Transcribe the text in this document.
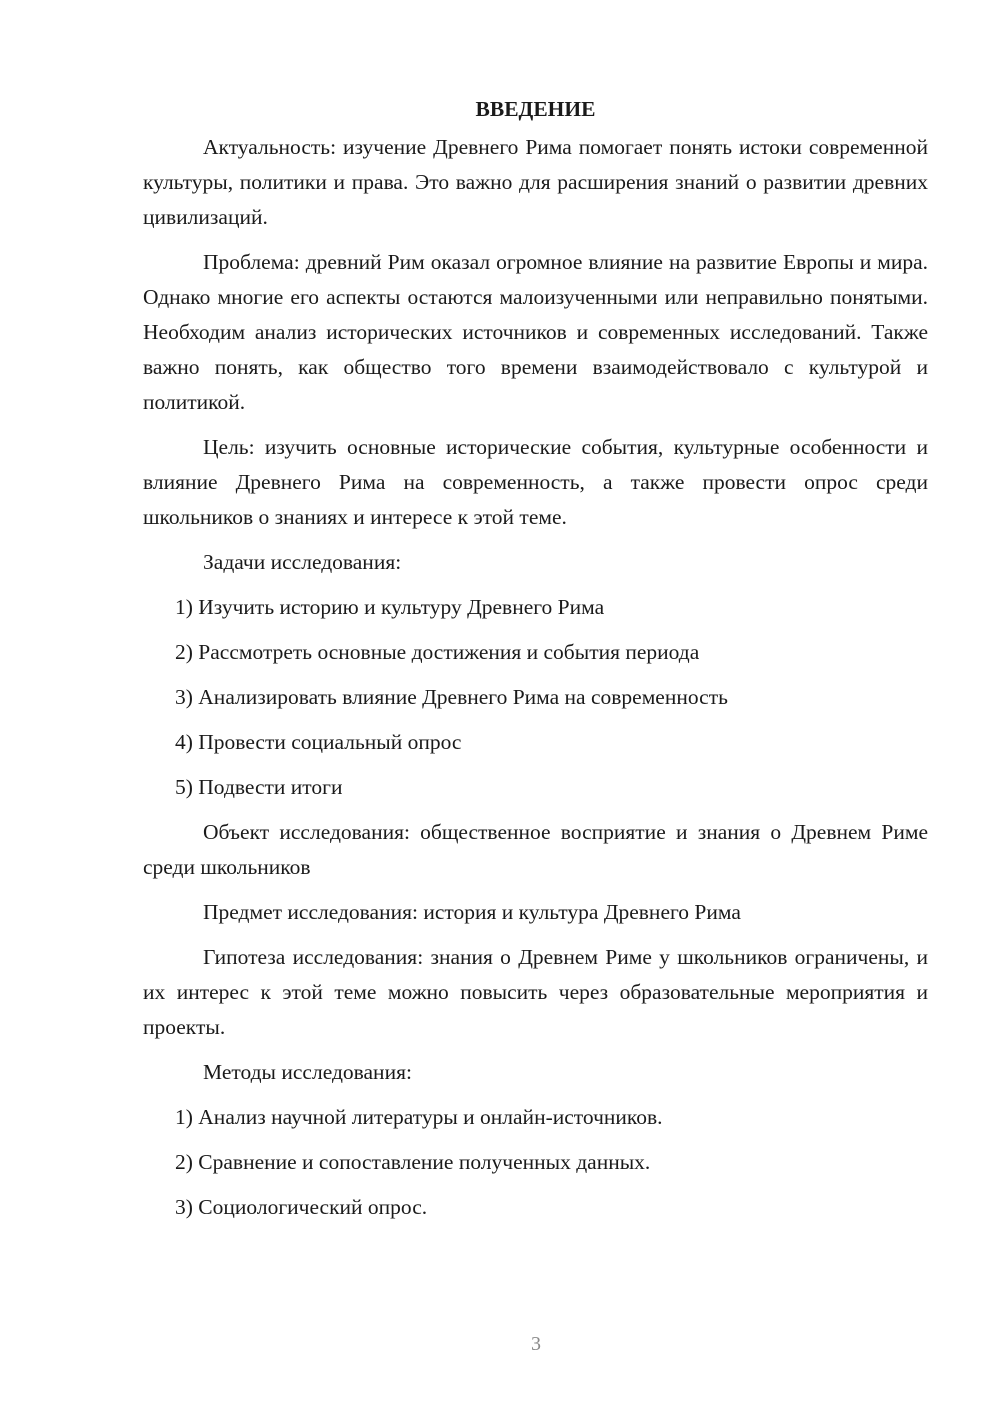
ВВЕДЕНИЕ

Актуальность: изучение Древнего Рима помогает понять истоки современной культуры, политики и права. Это важно для расширения знаний о развитии древних цивилизаций.

Проблема: древний Рим оказал огромное влияние на развитие Европы и мира. Однако многие его аспекты остаются малоизученными или неправильно понятыми. Необходим анализ исторических источников и современных исследований. Также важно понять, как общество того времени взаимодействовало с культурой и политикой.

Цель: изучить основные исторические события, культурные особенности и влияние Древнего Рима на современность, а также провести опрос среди школьников о знаниях и интересе к этой теме.

Задачи исследования:

1) Изучить историю и культуру Древнего Рима

2) Рассмотреть основные достижения и события периода

3) Анализировать влияние Древнего Рима на современность

4) Провести социальный опрос

5) Подвести итоги

Объект исследования: общественное восприятие и знания о Древнем Риме среди школьников

Предмет исследования: история и культура Древнего Рима

Гипотеза исследования: знания о Древнем Риме у школьников ограничены, и их интерес к этой теме можно повысить через образовательные мероприятия и проекты.

Методы исследования:

1) Анализ научной литературы и онлайн-источников.

2) Сравнение и сопоставление полученных данных.

3) Социологический опрос.

3
